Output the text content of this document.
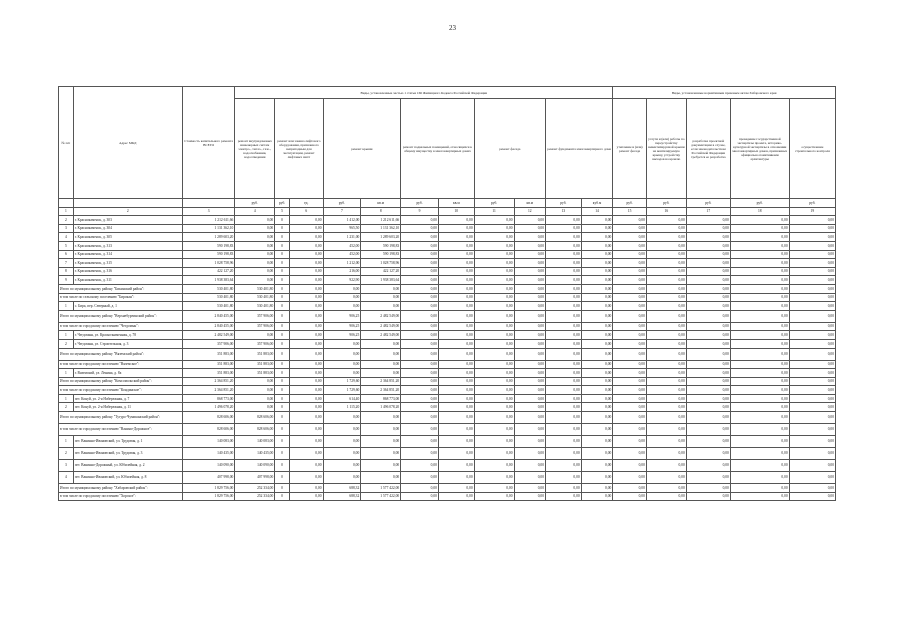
23
№ п/п	Адрес МКД	Стоимость капитального ремонта ВСЕГО	Виды, установленные частью 1 статьи 166 Жилищного Кодекса Российской Федерации											Виды, установленные нормативным правовым актом Хабаровского края				
			ремонт внутридомовых инженерных систем электро-, тепло-, газо-, водоснабжения, водоотведения	ремонт или замена лифтового оборудования, признанного непригодным для эксплуатации, ремонт лифтовых шахт		ремонт крыши		ремонт подвальных помещений, относящихся к общему имуществу в многоквартирных домах		ремонт фасада		ремонт фундамента многоквартирного дома		утепление и (или) ремонт фасада	услуги и (или) работы по переустройству невентилируемой крыши на вентилируемую крышу, устройству выходов на кровлю	разработка проектной документации в случае, если законодательством Российской Федерации требуется ее разработка	проведение государственной экспертизы проекта, историко-культурной экспертизы в отношении многоквартирных домов, признанных официально памятниками архитектуры	осуществление строительного контроля
			руб.	руб.	ед.	руб.	кв.м	руб.	кв.м	руб.	кв.м	руб.	куб.м	руб.	руб.	руб.	руб.	руб.
1	2	3	4	5	6	7	8	9	10	11	12	13	14	15	16	17	18	19
2	г. Краснокаменск, д. 303	1 212 611,66	0,00	0	0,00	1 412,00	1 212 611,66	0,00	0,00	0,00	0,00	0,00	0,00	0,00	0,00	0,00	0,00	0,00
3	г. Краснокаменск, д. 304	1 131 362,10	0,00	0	0,00	965,50	1 131 362,10	0,00	0,00	0,00	0,00	0,00	0,00	0,00	0,00	0,00	0,00	0,00
4	г. Краснокаменск, д. 305	1 289 603,20	0,00	0	0,00	1 231,00	1 289 603,20	0,00	0,00	0,00	0,00	0,00	0,00	0,00	0,00	0,00	0,00	0,00
5	г. Краснокаменск, д. 313	590 198,83	0,00	0	0,00	452,00	590 198,83	0,00	0,00	0,00	0,00	0,00	0,00	0,00	0,00	0,00	0,00	0,00
6	г. Краснокаменск, д. 314	590 198,83	0,00	0	0,00	452,00	590 198,83	0,00	0,00	0,00	0,00	0,00	0,00	0,00	0,00	0,00	0,00	0,00
7	г. Краснокаменск, д. 315	1 028 758,96	0,00	0	0,00	1 212,00	1 028 758,96	0,00	0,00	0,00	0,00	0,00	0,00	0,00	0,00	0,00	0,00	0,00
8	г. Краснокаменск, д. 316	422 127,20	0,00	0	0,00	216,00	422 127,20	0,00	0,00	0,00	0,00	0,00	0,00	0,00	0,00	0,00	0,00	0,00
9	г. Краснокаменск, д. 311	1 938 383,64	0,00	0	0,00	922,90	1 938 383,64	0,00	0,00	0,00	0,00	0,00	0,00	0,00	0,00	0,00	0,00	0,00
Итого по муниципальному району "Бикинский район":		530 401,80	530 401,80	0	0,00	0,00	0,00	0,00	0,00	0,00	0,00	0,00	0,00	0,00	0,00	0,00	0,00	0,00
в том числе по сельскому поселению "Бирокан":		530 401,80	530 401,80	0	0,00	0,00	0,00	0,00	0,00	0,00	0,00	0,00	0,00	0,00	0,00	0,00	0,00	0,00
1	с. Бира, пер. Северный, д. 1	530 401,80	530 401,80	0	0,00	0,00	0,00	0,00	0,00	0,00	0,00	0,00	0,00	0,00	0,00	0,00	0,00	0,00
Итого по муниципальному району "Верхнебуреинский район":		2 840 455,00	357 906,00	0	0,00	906,25	2 482 549,00	0,00	0,00	0,00	0,00	0,00	0,00	0,00	0,00	0,00	0,00	0,00
в том числе по городскому поселению "Чегдомын":		2 840 455,00	357 906,00	0	0,00	906,25	2 482 549,00	0,00	0,00	0,00	0,00	0,00	0,00	0,00	0,00	0,00	0,00	0,00
1	г. Чегдомын, ул. Краснознаменная, д. 78	2 482 549,00	0,00	0	0,00	906,25	2 482 549,00	0,00	0,00	0,00	0,00	0,00	0,00	0,00	0,00	0,00	0,00	0,00
2	г. Чегдомын, ул. Строительная, д. 3	357 906,00	357 906,00	0	0,00	0,00	0,00	0,00	0,00	0,00	0,00	0,00	0,00	0,00	0,00	0,00	0,00	0,00
Итого по муниципальному району "Вяземский район":		351 883,00	351 883,00	0	0,00	0,00	0,00	0,00	0,00	0,00	0,00	0,00	0,00	0,00	0,00	0,00	0,00	0,00
в том числе по городскому поселению "Вяземское":		351 883,00	351 883,00	0	0,00	0,00	0,00	0,00	0,00	0,00	0,00	0,00	0,00	0,00	0,00	0,00	0,00	0,00
1	г. Вяземский, ул. Ленина, д. 8а	351 883,00	351 883,00	0	0,00	0,00	0,00	0,00	0,00	0,00	0,00	0,00	0,00	0,00	0,00	0,00	0,00	0,00
Итого по муниципальному району "Комсомольский район":		2 364 851,20	0,00	0	0,00	1 729,60	2 364 851,20	0,00	0,00	0,00	0,00	0,00	0,00	0,00	0,00	0,00	0,00	0,00
в том числе по городскому поселению "Кондинское":		2 364 851,20	0,00	0	0,00	1 729,60	2 364 851,20	0,00	0,00	0,00	0,00	0,00	0,00	0,00	0,00	0,00	0,00	0,00
1	пгт. Конуй, ул. 2-я Набережная, д. 7	868 773,00	0,00	0	0,00	614,40	868 773,00	0,00	0,00	0,00	0,00	0,00	0,00	0,00	0,00	0,00	0,00	0,00
2	пгт. Конуй, ул. 2-я Набережная, д. 11	1 496 078,20	0,00	0	0,00	1 115,20	1 496 078,20	0,00	0,00	0,00	0,00	0,00	0,00	0,00	0,00	0,00	0,00	0,00
Итого по муниципальному району "Тугуро-Чумиканский район":		828 606,00	828 606,00	0	0,00	0,00	0,00	0,00	0,00	0,00	0,00	0,00	0,00	0,00	0,00	0,00	0,00	0,00
в том числе по городскому поселению "Ванино-Дорожное":		828 606,00	828 606,00	0	0,00	0,00	0,00	0,00	0,00	0,00	0,00	0,00	0,00	0,00	0,00	0,00	0,00	0,00
1	пгт. Ванинно-Ивановский, ул. Трудовая, д. 1	140 083,00	140 083,00	0	0,00	0,00	0,00	0,00	0,00	0,00	0,00	0,00	0,00	0,00	0,00	0,00	0,00	0,00
2	пгт. Ванинно-Ивановский, ул. Трудовая, д. 3	140 435,00	140 435,00	0	0,00	0,00	0,00	0,00	0,00	0,00	0,00	0,00	0,00	0,00	0,00	0,00	0,00	0,00
3	пгт. Ванинно-Дорожный, ул. Юбилейная, д. 2	140 090,00	140 090,00	0	0,00	0,00	0,00	0,00	0,00	0,00	0,00	0,00	0,00	0,00	0,00	0,00	0,00	0,00
4	пгт. Ванинно-Ивановский, ул. Юбилейная, д. 8	407 998,00	407 998,00	0	0,00	0,00	0,00	0,00	0,00	0,00	0,00	0,00	0,00	0,00	0,00	0,00	0,00	0,00
Итого по муниципальному району "Хабаровский район":		1 829 756,00	252 334,00	0	0,00	688,32	1 577 422,00	0,00	0,00	0,00	0,00	0,00	0,00	0,00	0,00	0,00	0,00	0,00
в том числе по городскому поселению "Хорское":		1 829 756,00	252 334,00	0	0,00	688,32	1 577 422,00	0,00	0,00	0,00	0,00	0,00	0,00	0,00	0,00	0,00	0,00	0,00
